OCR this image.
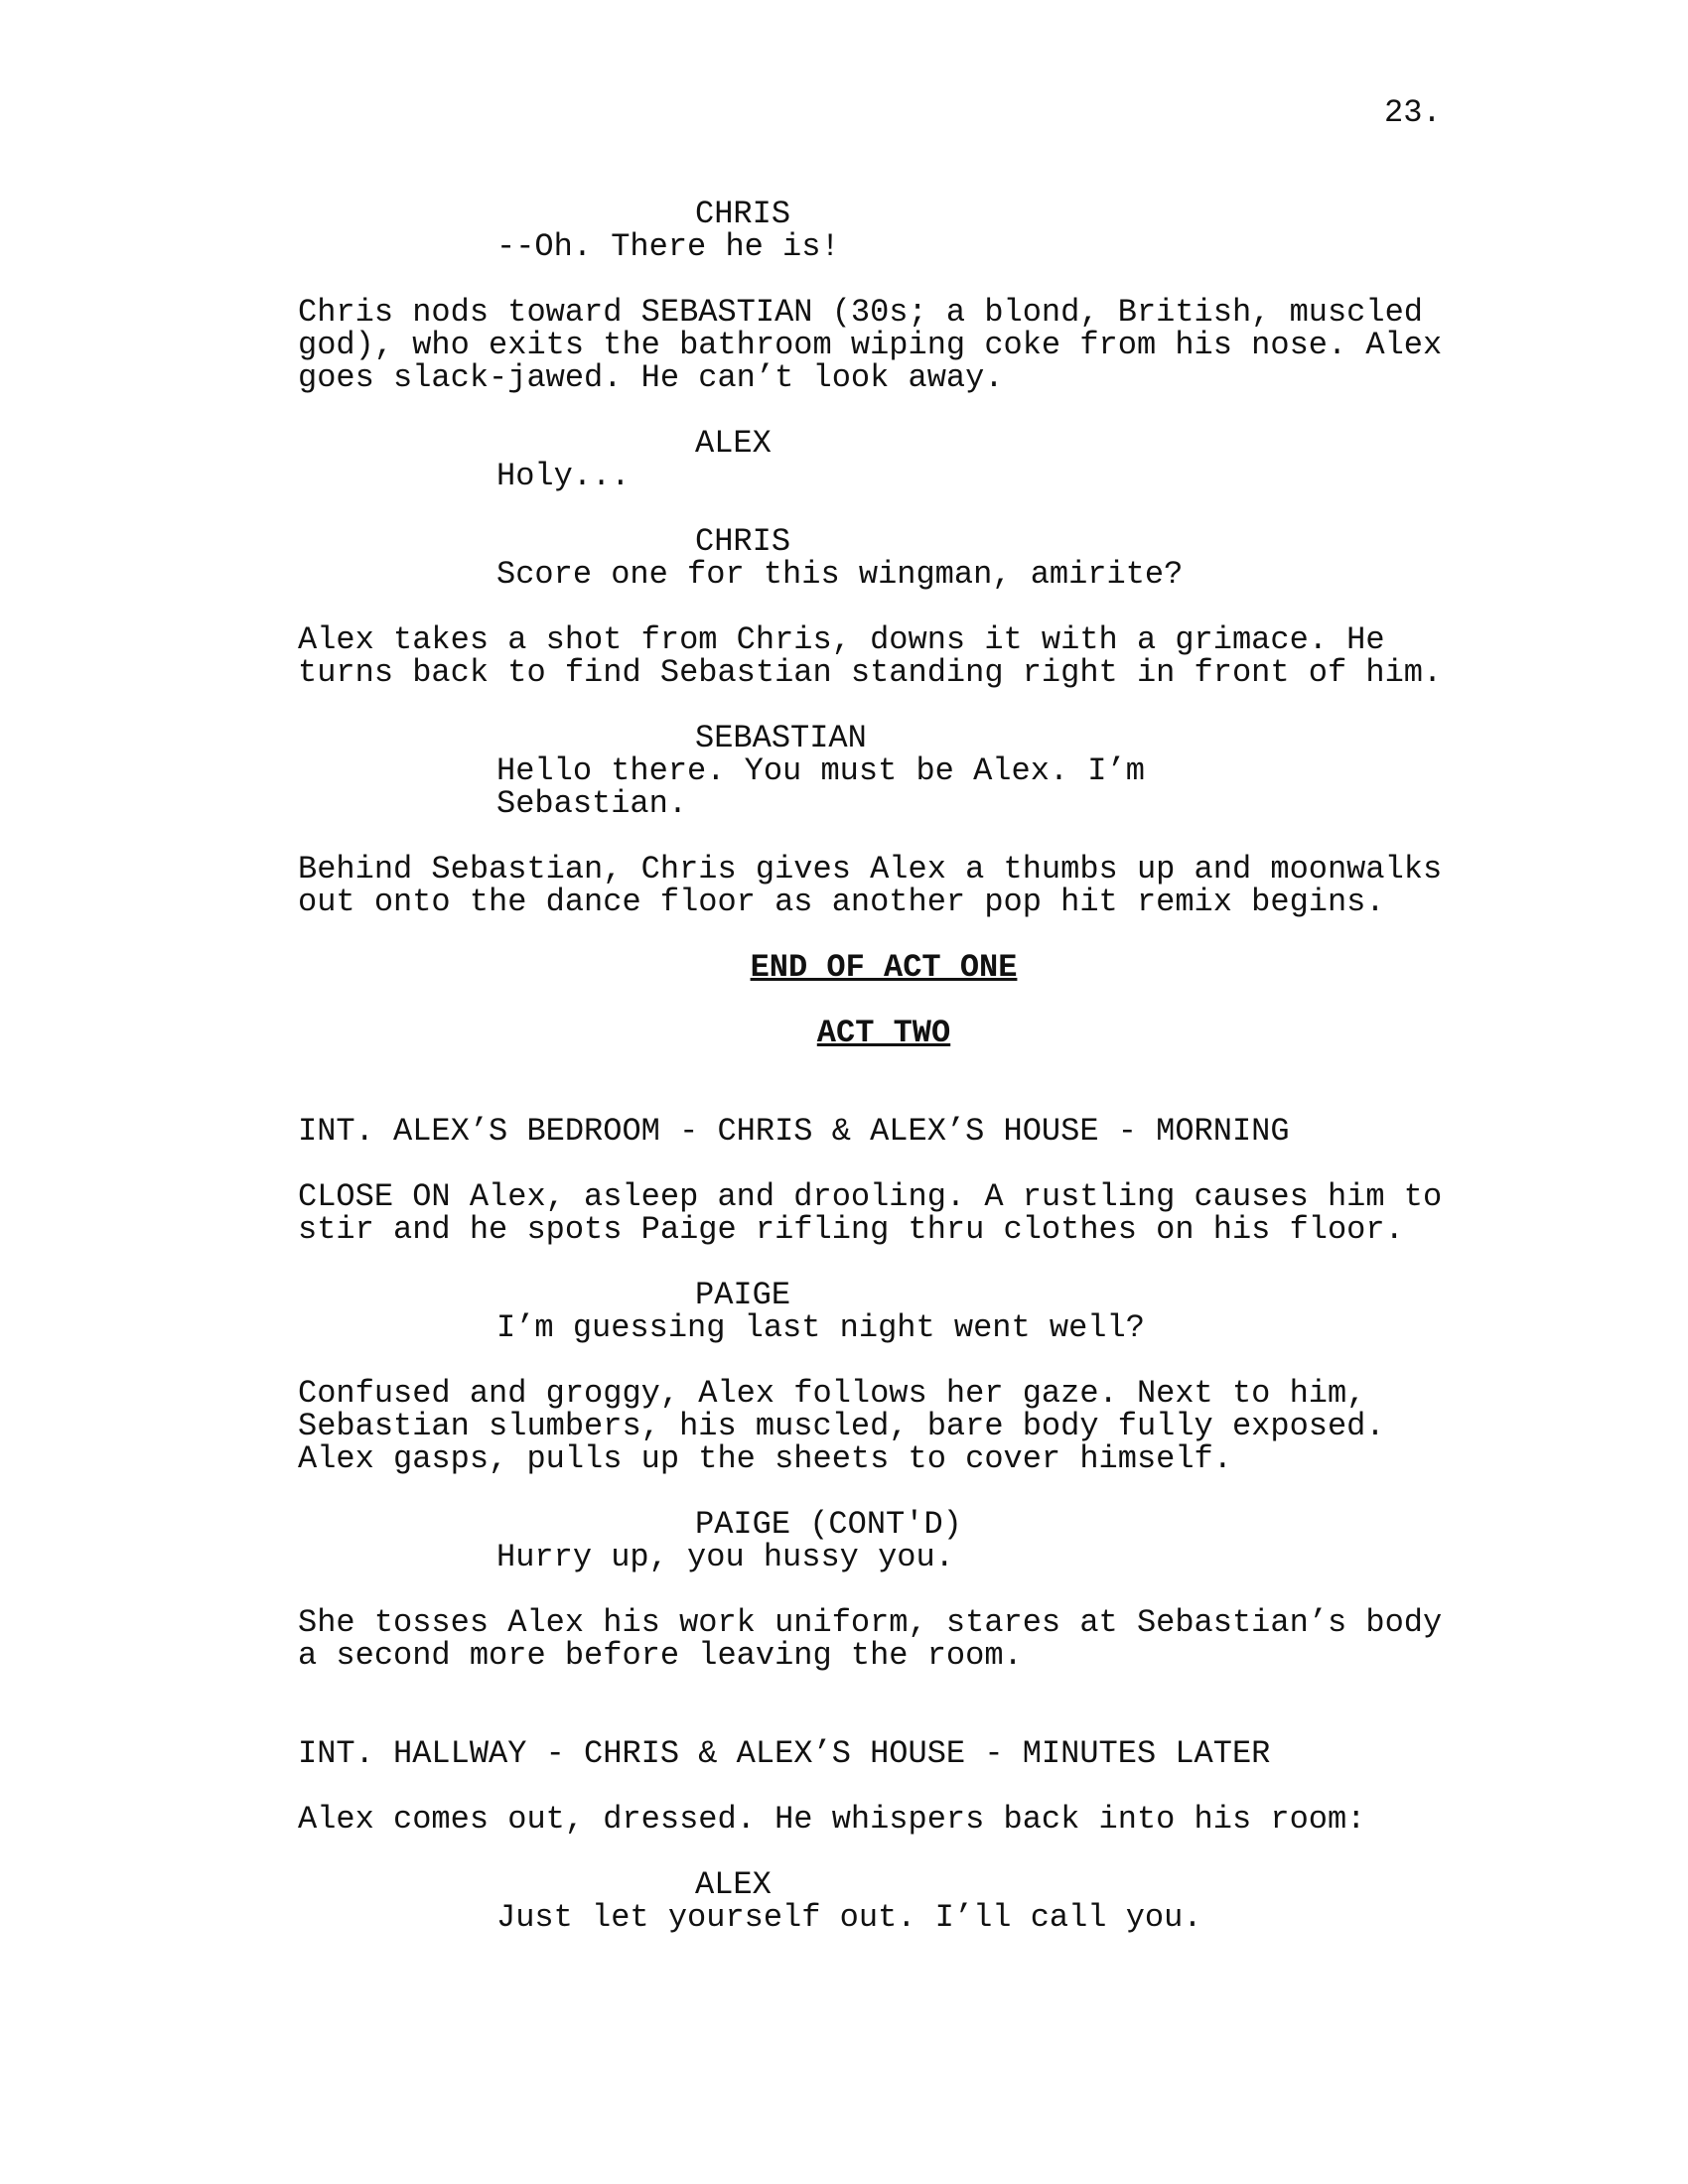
23.
CHRIS
--Oh. There he is!
Chris nods toward SEBASTIAN (30s; a blond, British, muscled
god), who exits the bathroom wiping coke from his nose. Alex
goes slack-jawed. He can’t look away.
ALEX
Holy...
CHRIS
Score one for this wingman, amirite?
Alex takes a shot from Chris, downs it with a grimace. He
turns back to find Sebastian standing right in front of him.
SEBASTIAN
Hello there. You must be Alex. I’m
Sebastian.
Behind Sebastian, Chris gives Alex a thumbs up and moonwalks
out onto the dance floor as another pop hit remix begins.
END OF ACT ONE
ACT TWO
INT. ALEX’S BEDROOM - CHRIS & ALEX’S HOUSE - MORNING
CLOSE ON Alex, asleep and drooling. A rustling causes him to
stir and he spots Paige rifling thru clothes on his floor.
PAIGE
I’m guessing last night went well?
Confused and groggy, Alex follows her gaze. Next to him,
Sebastian slumbers, his muscled, bare body fully exposed.
Alex gasps, pulls up the sheets to cover himself.
PAIGE (CONT'D)
Hurry up, you hussy you.
She tosses Alex his work uniform, stares at Sebastian’s body
a second more before leaving the room.
INT. HALLWAY - CHRIS & ALEX’S HOUSE - MINUTES LATER
Alex comes out, dressed. He whispers back into his room:
ALEX
Just let yourself out. I’ll call you.
